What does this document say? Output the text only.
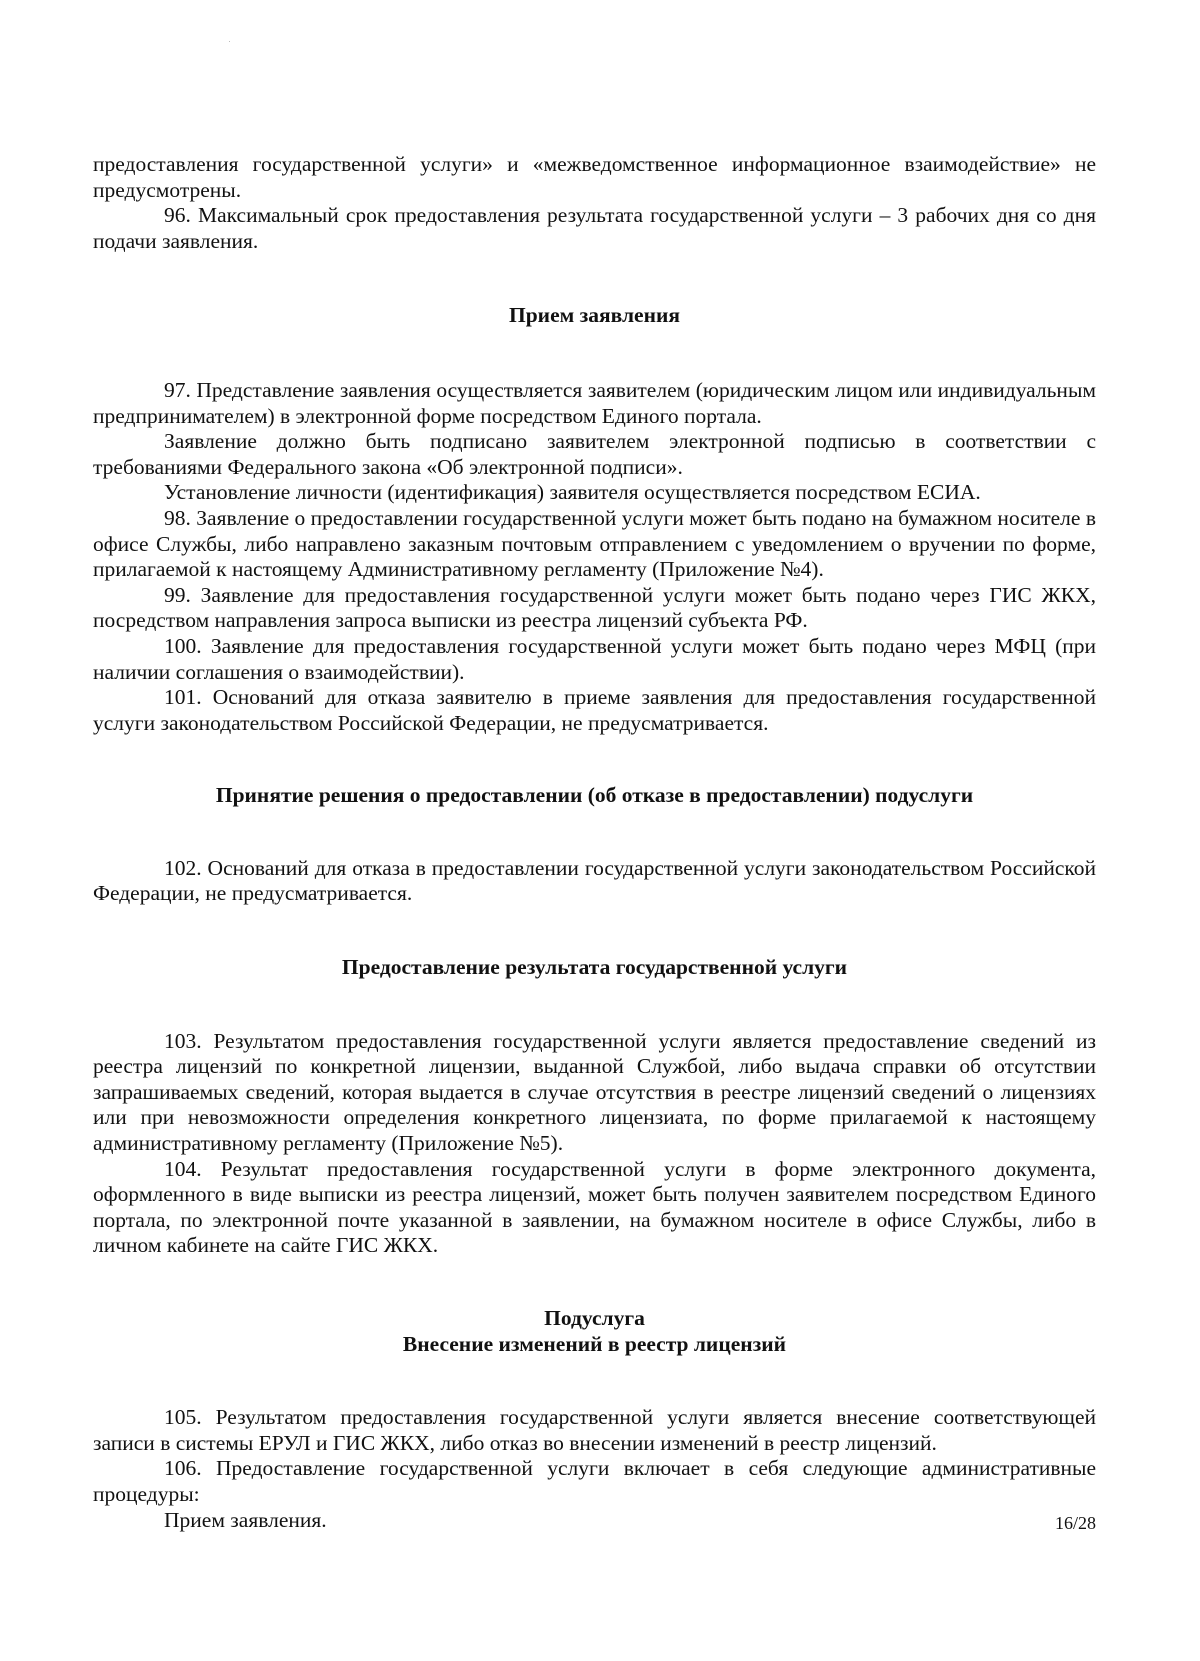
предоставления государственной услуги» и «межведомственное информационное взаимодействие» не предусмотрены.

96. Максимальный срок предоставления результата государственной услуги – 3 рабочих дня со дня подачи заявления.

Прием заявления

97. Представление заявления осуществляется заявителем (юридическим лицом или индивидуальным предпринимателем) в электронной форме посредством Единого портала.

Заявление должно быть подписано заявителем электронной подписью в соответствии с требованиями Федерального закона «Об электронной подписи».

Установление личности (идентификация) заявителя осуществляется посредством ЕСИА.

98. Заявление о предоставлении государственной услуги может быть подано на бумажном носителе в офисе Службы, либо направлено заказным почтовым отправлением с уведомлением о вручении по форме, прилагаемой к настоящему Административному регламенту (Приложение №4).

99. Заявление для предоставления государственной услуги может быть подано через ГИС ЖКХ, посредством направления запроса выписки из реестра лицензий субъекта РФ.

100. Заявление для предоставления государственной услуги может быть подано через МФЦ (при наличии соглашения о взаимодействии).

101. Оснований для отказа заявителю в приеме заявления для предоставления государственной услуги законодательством Российской Федерации, не предусматривается.

Принятие решения о предоставлении (об отказе в предоставлении) подуслуги

102. Оснований для отказа в предоставлении государственной услуги законодательством Российской Федерации, не предусматривается.

Предоставление результата государственной услуги

103. Результатом предоставления государственной услуги является предоставление сведений из реестра лицензий по конкретной лицензии, выданной Службой, либо выдача справки об отсутствии запрашиваемых сведений, которая выдается в случае отсутствия в реестре лицензий сведений о лицензиях или при невозможности определения конкретного лицензиата, по форме прилагаемой к настоящему административному регламенту (Приложение №5).

104. Результат предоставления государственной услуги в форме электронного документа, оформленного в виде выписки из реестра лицензий, может быть получен заявителем посредством Единого портала, по электронной почте указанной в заявлении, на бумажном носителе в офисе Службы, либо в личном кабинете на сайте ГИС ЖКХ.

Подуслуга

Внесение изменений в реестр лицензий

105. Результатом предоставления государственной услуги является внесение соответствующей записи в системы ЕРУЛ и ГИС ЖКХ, либо отказ во внесении изменений в реестр лицензий.

106. Предоставление государственной услуги включает в себя следующие административные процедуры:

Прием заявления.	16/28
